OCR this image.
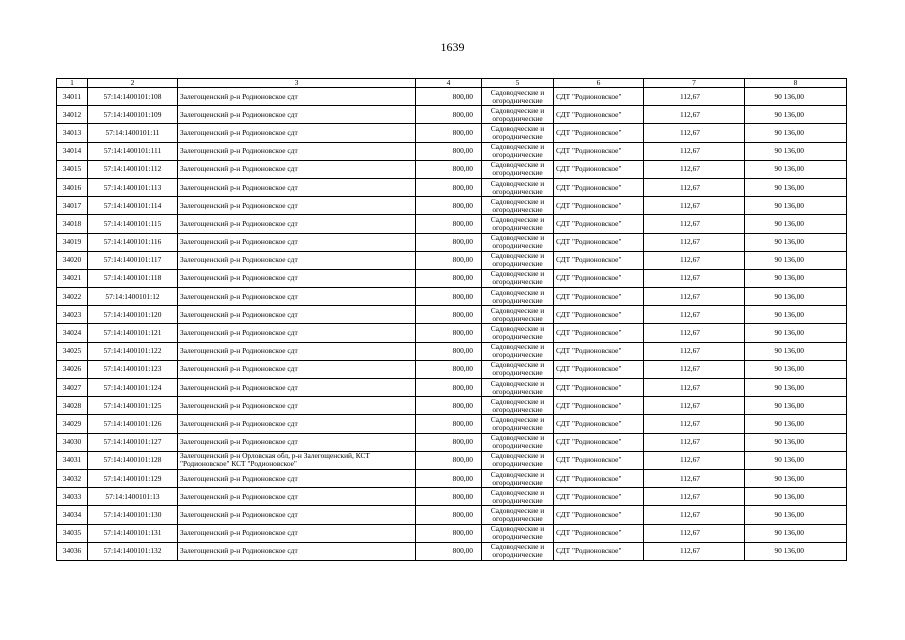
1639
1	2	3	4	5	6	7	8
34011	57:14:1400101:108	Залегощенский р-н Родионовское сдт	800,00	Садоводческие и огороднические	СДТ "Родионовское"	112,67	90 136,00
34012	57:14:1400101:109	Залегощенский р-н Родионовское сдт	800,00	Садоводческие и огороднические	СДТ "Родионовское"	112,67	90 136,00
34013	57:14:1400101:11	Залегощенский р-н Родионовское сдт	800,00	Садоводческие и огороднические	СДТ "Родионовское"	112,67	90 136,00
34014	57:14:1400101:111	Залегощенский р-н Родионовское сдт	800,00	Садоводческие и огороднические	СДТ "Родионовское"	112,67	90 136,00
34015	57:14:1400101:112	Залегощенский р-н Родионовское сдт	800,00	Садоводческие и огороднические	СДТ "Родионовское"	112,67	90 136,00
34016	57:14:1400101:113	Залегощенский р-н Родионовское сдт	800,00	Садоводческие и огороднические	СДТ "Родионовское"	112,67	90 136,00
34017	57:14:1400101:114	Залегощенский р-н Родионовское сдт	800,00	Садоводческие и огороднические	СДТ "Родионовское"	112,67	90 136,00
34018	57:14:1400101:115	Залегощенский р-н Родионовское сдт	800,00	Садоводческие и огороднические	СДТ "Родионовское"	112,67	90 136,00
34019	57:14:1400101:116	Залегощенский р-н Родионовское сдт	800,00	Садоводческие и огороднические	СДТ "Родионовское"	112,67	90 136,00
34020	57:14:1400101:117	Залегощенский р-н Родионовское сдт	800,00	Садоводческие и огороднические	СДТ "Родионовское"	112,67	90 136,00
34021	57:14:1400101:118	Залегощенский р-н Родионовское сдт	800,00	Садоводческие и огороднические	СДТ "Родионовское"	112,67	90 136,00
34022	57:14:1400101:12	Залегощенский р-н Родионовское сдт	800,00	Садоводческие и огороднические	СДТ "Родионовское"	112,67	90 136,00
34023	57:14:1400101:120	Залегощенский р-н Родионовское сдт	800,00	Садоводческие и огороднические	СДТ "Родионовское"	112,67	90 136,00
34024	57:14:1400101:121	Залегощенский р-н Родионовское сдт	800,00	Садоводческие и огороднические	СДТ "Родионовское"	112,67	90 136,00
34025	57:14:1400101:122	Залегощенский р-н Родионовское сдт	800,00	Садоводческие и огороднические	СДТ "Родионовское"	112,67	90 136,00
34026	57:14:1400101:123	Залегощенский р-н Родионовское сдт	800,00	Садоводческие и огороднические	СДТ "Родионовское"	112,67	90 136,00
34027	57:14:1400101:124	Залегощенский р-н Родионовское сдт	800,00	Садоводческие и огороднические	СДТ "Родионовское"	112,67	90 136,00
34028	57:14:1400101:125	Залегощенский р-н Родионовское сдт	800,00	Садоводческие и огороднические	СДТ "Родионовское"	112,67	90 136,00
34029	57:14:1400101:126	Залегощенский р-н Родионовское сдт	800,00	Садоводческие и огороднические	СДТ "Родионовское"	112,67	90 136,00
34030	57:14:1400101:127	Залегощенский р-н Родионовское сдт	800,00	Садоводческие и огороднические	СДТ "Родионовское"	112,67	90 136,00
34031	57:14:1400101:128	Залегощенский р-н Орловская обл, р-н Залегощенский, КСТ "Родионовское" КСТ "Родионовское"	800,00	Садоводческие и огороднические	СДТ "Родионовское"	112,67	90 136,00
34032	57:14:1400101:129	Залегощенский р-н Родионовское сдт	800,00	Садоводческие и огороднические	СДТ "Родионовское"	112,67	90 136,00
34033	57:14:1400101:13	Залегощенский р-н Родионовское сдт	800,00	Садоводческие и огороднические	СДТ "Родионовское"	112,67	90 136,00
34034	57:14:1400101:130	Залегощенский р-н Родионовское сдт	800,00	Садоводческие и огороднические	СДТ "Родионовское"	112,67	90 136,00
34035	57:14:1400101:131	Залегощенский р-н Родионовское сдт	800,00	Садоводческие и огороднические	СДТ "Родионовское"	112,67	90 136,00
34036	57:14:1400101:132	Залегощенский р-н Родионовское сдт	800,00	Садоводческие и огороднические	СДТ "Родионовское"	112,67	90 136,00
